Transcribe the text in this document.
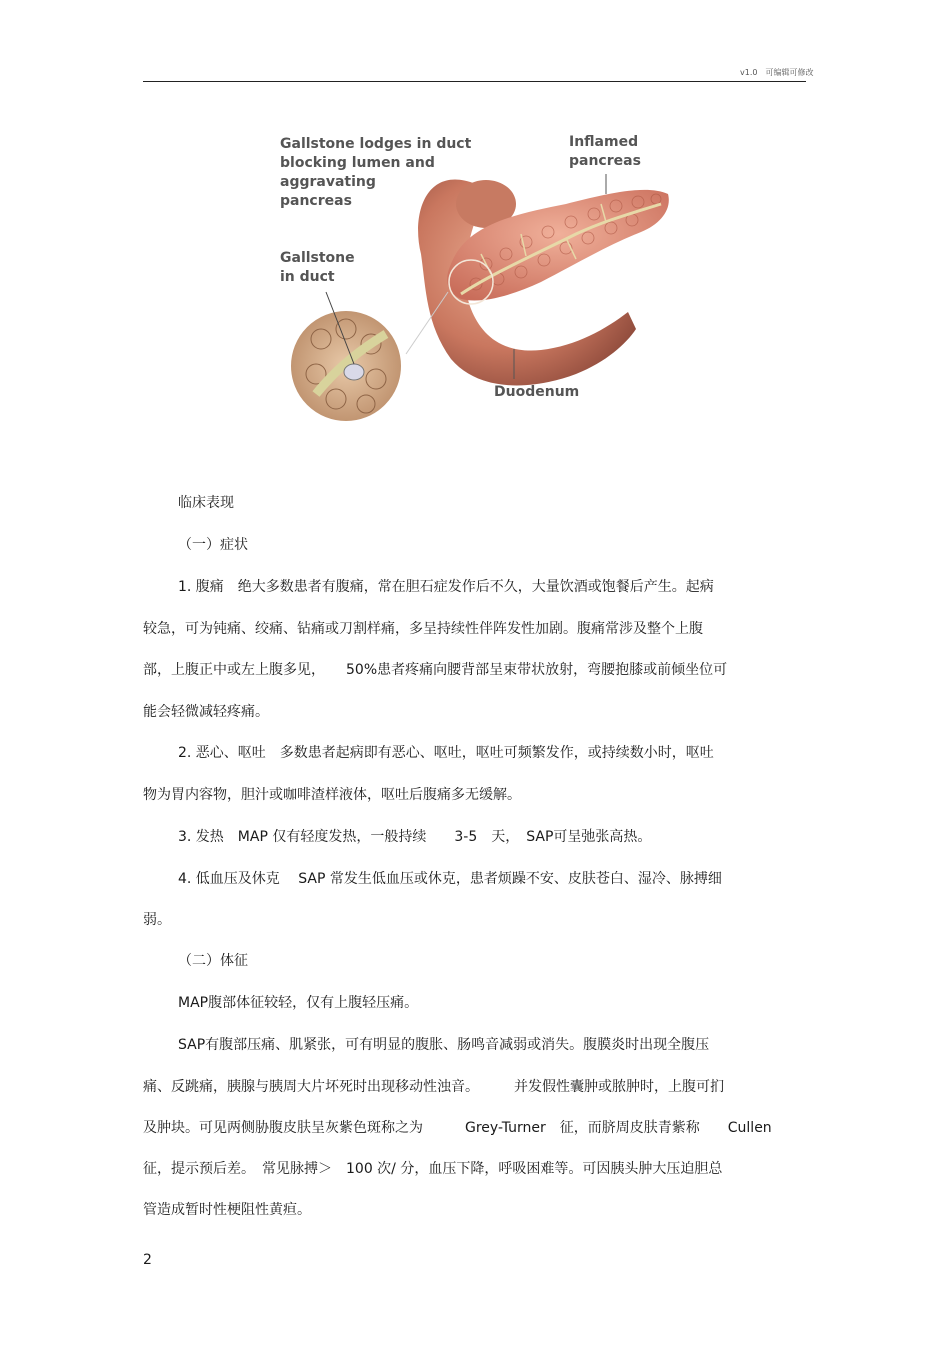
v1.0　可编辑可修改
Gallstone lodges in duct blocking lumen and aggravating pancreas
Inflamed pancreas
Gallstone in duct
Duodenum
临床表现
（一）症状
1. 腹痛　绝大多数患者有腹痛，常在胆石症发作后不久，大量饮酒或饱餐后产生。起病
较急，可为钝痛、绞痛、钻痛或刀割样痛，多呈持续性伴阵发性加剧。腹痛常涉及整个上腹
部，上腹正中或左上腹多见，　　50%患者疼痛向腰背部呈束带状放射，弯腰抱膝或前倾坐位可
能会轻微减轻疼痛。
2. 恶心、呕吐　多数患者起病即有恶心、呕吐，呕吐可频繁发作，或持续数小时，呕吐
物为胃内容物，胆汁或咖啡渣样液体，呕吐后腹痛多无缓解。
3. 发热　MAP 仅有轻度发热，一般持续　　3-5　天，　SAP可呈弛张高热。
4. 低血压及休克　 SAP 常发生低血压或休克，患者烦躁不安、皮肤苍白、湿冷、脉搏细
弱。
（二）体征
MAP腹部体征较轻，仅有上腹轻压痛。
SAP有腹部压痛、肌紧张，可有明显的腹胀、肠鸣音减弱或消失。腹膜炎时出现全腹压
痛、反跳痛，胰腺与胰周大片坏死时出现移动性浊音。　　　并发假性囊肿或脓肿时，上腹可扪
及肿块。可见两侧胁腹皮肤呈灰紫色斑称之为　　　Grey-Turner　征，而脐周皮肤青紫称　　Cullen
征，提示预后差。　常见脉搏＞　100 次/ 分，血压下降，呼吸困难等。可因胰头肿大压迫胆总
管造成暂时性梗阻性黄疸。
2
